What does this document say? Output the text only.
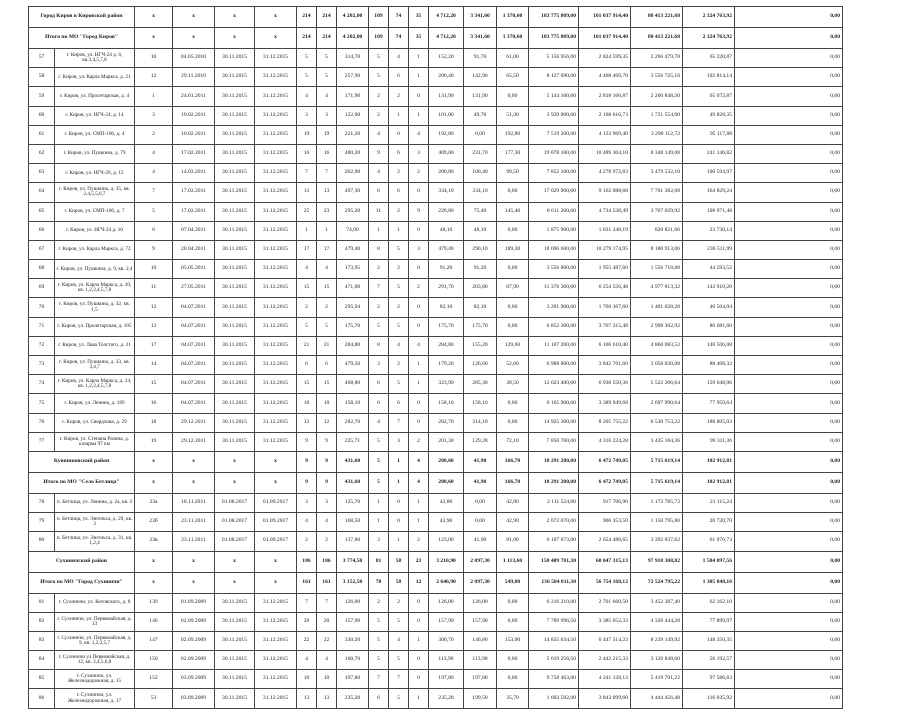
Город Киров в Кировской район		x	x	x	x	214	214	4 202,00	109	74	35	4 712,20	3 341,60	1 370,60	183 775 809,00	101 037 914,40	80 413 221,68	2 324 763,92	0,00
Итого по МО "Город Киров"		x	x	x	x	214	214	4 202,00	109	74	35	4 712,20	3 341,60	1 370,60	183 775 809,00	101 037 914,40	80 413 221,68	2 324 763,92	0,00
57	г. Киров, ул. НГЧ-24 д. 6, кв.3,4,5,7,8	10	04.05.2010	30.11.2015	31.12.2015	5	5	314,70	5	4	1	152,20	91,70	61,00	5 156 956,00	2 824 599,35	2 266 479,78	65 220,87	0,00
58	г. Киров, ул. Карла Маркса, д. 21	12	29.11.2010	30.11.2015	31.12.2015	5	5	257,90	5	6	1	206,40	142,90	65,50	8 127 690,00	4 468 469,70	3 556 725,16	102 814,14	0,00
59	г. Киров, ул. Пролетарская, д. 4	1	24.01.2011	30.11.2015	31.12.2015	4	4	171,90	2	2	0	131,90	131,90	0,00	5 144 100,00	2 818 166,87	2 260 848,30	65 072,87	0,00
60	г. Киров, ул. НГЧ-24, д. 14	3	10.02.2011	30.11.2015	31.12.2015	3	3	122,00	2	1	1	101,00	49,70	51,30	3 939 000,00	2 168 616,73	1 721 554,90	49 828,35	0,00
61	г. Киров, ул. СМП-106, д. 4	2	10.02.2011	30.11.2015	31.12.2015	19	19	221,20	4	0	4	192,80	0,00	192,80	7 519 200,00	4 133 969,40	3 290 112,72	95 117,88	0,00
62	г. Киров, ул. Пушкина, д. 79	4	17.02.2011	30.11.2015	31.12.2015	16	16	480,20	9	6	3	409,00	231,70	177,30	19 078 100,00	10 489 304,10	8 348 149,08	241 146,82	0,00
63	г. Киров, ул. НГЧ-20, д. 12	4	14.03.2011	30.11.2015	31.12.2015	7	7	262,90	4	2	2	200,80	100,40	99,50	7 852 100,00	4 278 972,83	3 479 532,10	100 594,97	0,00
64	г. Киров, ул. Пушкина, д. 35, кв. 2,4,5,5,6,7	7	17.03.2011	30.11.2015	31.12.2015	13	13	497,30	6	6	0	334,10	334,10	0,00	17 029 900,00	9 162 088,68	7 701 382,08	164 829,24	0,00
65	г. Киров, ул. СМП-106, д. 7	5	17.03.2011	30.11.2015	31.12.2015	25	23	295,20	11	2	9	220,80	75,40	145,40	8 611 200,00	4 734 538,49	3 767 029,92	108 971,48	0,00
66	г. Киров, ул. НГЧ-24 д. 10	8	07.04.2011	30.11.2015	31.12.2015	1	1	74,00	1	1	0	48,10	48,10	0,00	1 875 900,00	1 031 348,19	820 821,66	23 730,14	0,00
67	г. Киров, ул. Карла Маркса, д. 72	9	28.04.2011	30.11.2015	31.12.2015	17	17	479,40	8	5	3	479,40	290,10	189,30	18 696 600,00	10 279 174,95	8 180 913,06	236 511,99	0,00
68	г. Киров, ул. Пушкина, д. 9, кв. 2,4	10	05.05.2011	30.11.2015	31.12.2015	4	4	173,95	2	2	0	91,20	91,20	0,00	3 556 800,00	1 955 487,60	1 556 718,88	44 593,52	0,00
69	г. Киров, ул. Карла Маркса, д. 20, кв. 1,2,3,4,5,7,8	11	27.05.2011	30.11.2015	31.12.2015	15	15	471,00	7	5	2	291,70	203,80	87,90	11 376 300,00	6 254 556,48	4 977 813,32	143 910,20	0,00
70	г. Киров, ул. Пушкина, д. 32, кв. 1,5	12	04.07.2011	30.11.2015	31.12.2015	2	2	295,94	2	2	0	82,10	82,10	0,00	3 201 900,00	1 760 367,60	1 401 028,28	40 504,04	0,00
71	г. Киров, ул. Пролетарская, д. 105	13	04.07.2011	30.11.2015	31.12.2015	5	5	175,70	5	5	0	175,70	175,70	0,00	6 852 300,00	3 767 315,48	2 998 302,92	86 681,60	0,00
72	г. Киров, ул. Льва Толстого, д. 21	17	04.07.2011	30.11.2015	31.12.2015	21	21	284,80	8	4	4	284,80	155,20	129,60	11 107 200,00	6 106 610,40	4 860 083,52	140 506,08	0,00
73	г. Киров, ул. Пушкина, д. 33, кв. 3,4,7	14	04.07.2011	30.11.2015	31.12.2015	6	6	479,50	3	2	1	179,20	126,60	52,60	6 988 800,00	3 842 761,60	3 058 030,08	88 408,32	0,00
74	г. Киров, ул. Карла Маркса, д. 24, кв. 1,2,3,4,5,7,8	15	04.07.2011	30.11.2015	31.12.2015	15	15	468,80	6	5	1	323,90	285,30	38,50	12 623 400,00	6 938 550,36	5 522 206,64	159 648,06	0,00
75	г. Киров, ул. Ленина, д. 189	16	04.07.2011	30.11.2015	31.12.2015	10	10	158,10	6	6	0	158,10	158,10	0,00	6 165 900,00	3 389 949,68	2 697 990,64	77 959,64	0,00
76	г. Киров, ул. Свердлова, д. 29	18	29.12.2011	30.11.2015	31.12.2015	12	12	282,70	4	7	0	282,70	314,10	0,00	14 925 300,00	8 205 755,22	6 530 753,22	188 805,03	0,00
77	г. Киров, ул. Степана Разина, д. казарма 97 км	19	29.12.2011	30.11.2015	31.12.2015	9	9	225,71	5	3	2	201,30	129,28	72,10	7 850 700,00	4 316 224,28	3 435 184,36	99 311,36	0,00
Кувшиновский район		x	x	x	x	9	9	431,60	5	1	4	208,60	41,90	166,70	10 291 280,00	6 472 749,05	5 715 619,14	102 912,81	0,00
Итого по МО "Село Бетлица"		x	x	x	x	9	9	431,60	5	1	4	208,60	41,90	166,70	10 291 280,00	6 472 749,05	5 715 619,14	102 912,81	0,00
78	п. Бетлица, ул. Ленина, д. 2а, кв. 3	23а	18.11.2011	01.08.2017	01.09.2017	3	3	125,70	1	0	1	42,80	0,00	42,80	2 111 524,00	917 706,90	1 172 785,72	21 115,24	0,00
79	п. Бетлица, ул. Энгельса, д. 29, кв. 3	23б	23.11.2011	01.08.2017	01.09.2017	4	4	168,50	1	0	1	42,90	0,00	42,90	2 072 070,00	900 353,50	1 150 795,80	20 720,70	0,00
80	п. Бетлица, ул. Энгельса, д. 31, кв. 1,2,4	23в	23.11.2011	01.08.2017	01.09.2017	2	2	137,80	3	1	2	123,00	41,90	81,00	6 107 673,00	2 654 488,65	3 392 037,62	61 076,73	0,00
Сухиничский район		x	x	x	x	186	186	3 774,50	81	58	23	3 210,90	2 097,30	1 113,60	158 409 781,30	68 047 315,13	97 918 308,82	1 584 097,56	0,00
Итого по МО "Город Сухиничи"		x	x	x	x	161	161	3 152,50	70	58	12	2 646,90	2 097,30	549,00	136 584 811,30	56 754 168,12	72 524 795,22	1 305 848,16	0,00
81	г. Сухиничи, ул. Котовского, д. 8	139	01.09.2009	30.11.2015	31.12.2015	7	7	126,00	2	2	0	126,00	126,00	0,00	6 216 210,00	2 701 660,50	3 452 387,40	62 162,10	0,00
82	г. Сухиничи, ул. Первомайская, д. 13	146	02.09.2009	30.11.2015	31.12.2015	20	20	157,90	5	5	0	157,90	157,90	0,00	7 789 996,50	3 385 652,33	4 326 444,28	77 899,97	0,00
83	г. Сухиничи, ул. Первомайская, д. 9, кв. 1,2,3,5,7	147	02.09.2009	30.11.2015	31.12.2015	22	22	330,20	5	4	1	300,70	146,80	153,90	14 835 034,50	6 447 314,23	8 239 149,92	148 350,35	0,00
84	г. Сухиничи ул Первомайская, д. 12, кв. 2,4,5,6,8	150	02.09.2009	30.11.2015	31.12.2015	4	4	160,70	5	5	0	113,90	113,90	0,00	5 619 256,50	2 442 215,33	3 120 848,60	56 192,57	0,00
85	г. Сухиничи, ул. Железнодорожная, д. 15	152	03.09.2009	30.11.2015	31.12.2015	10	10	197,80	7	7	0	197,80	197,80	0,00	9 758 463,00	4 241 128,13	5 419 701,22	97 586,63	0,00
86	г. Сухиничи, ул. Железнодорожная, д. 17	53	03.09.2009	30.11.2015	31.12.2015	13	13	235,20	6	5	1	235,20	199,50	35,70	1 603 592,00	3 843 099,60	4 444 456,48	116 035,92	0,00
